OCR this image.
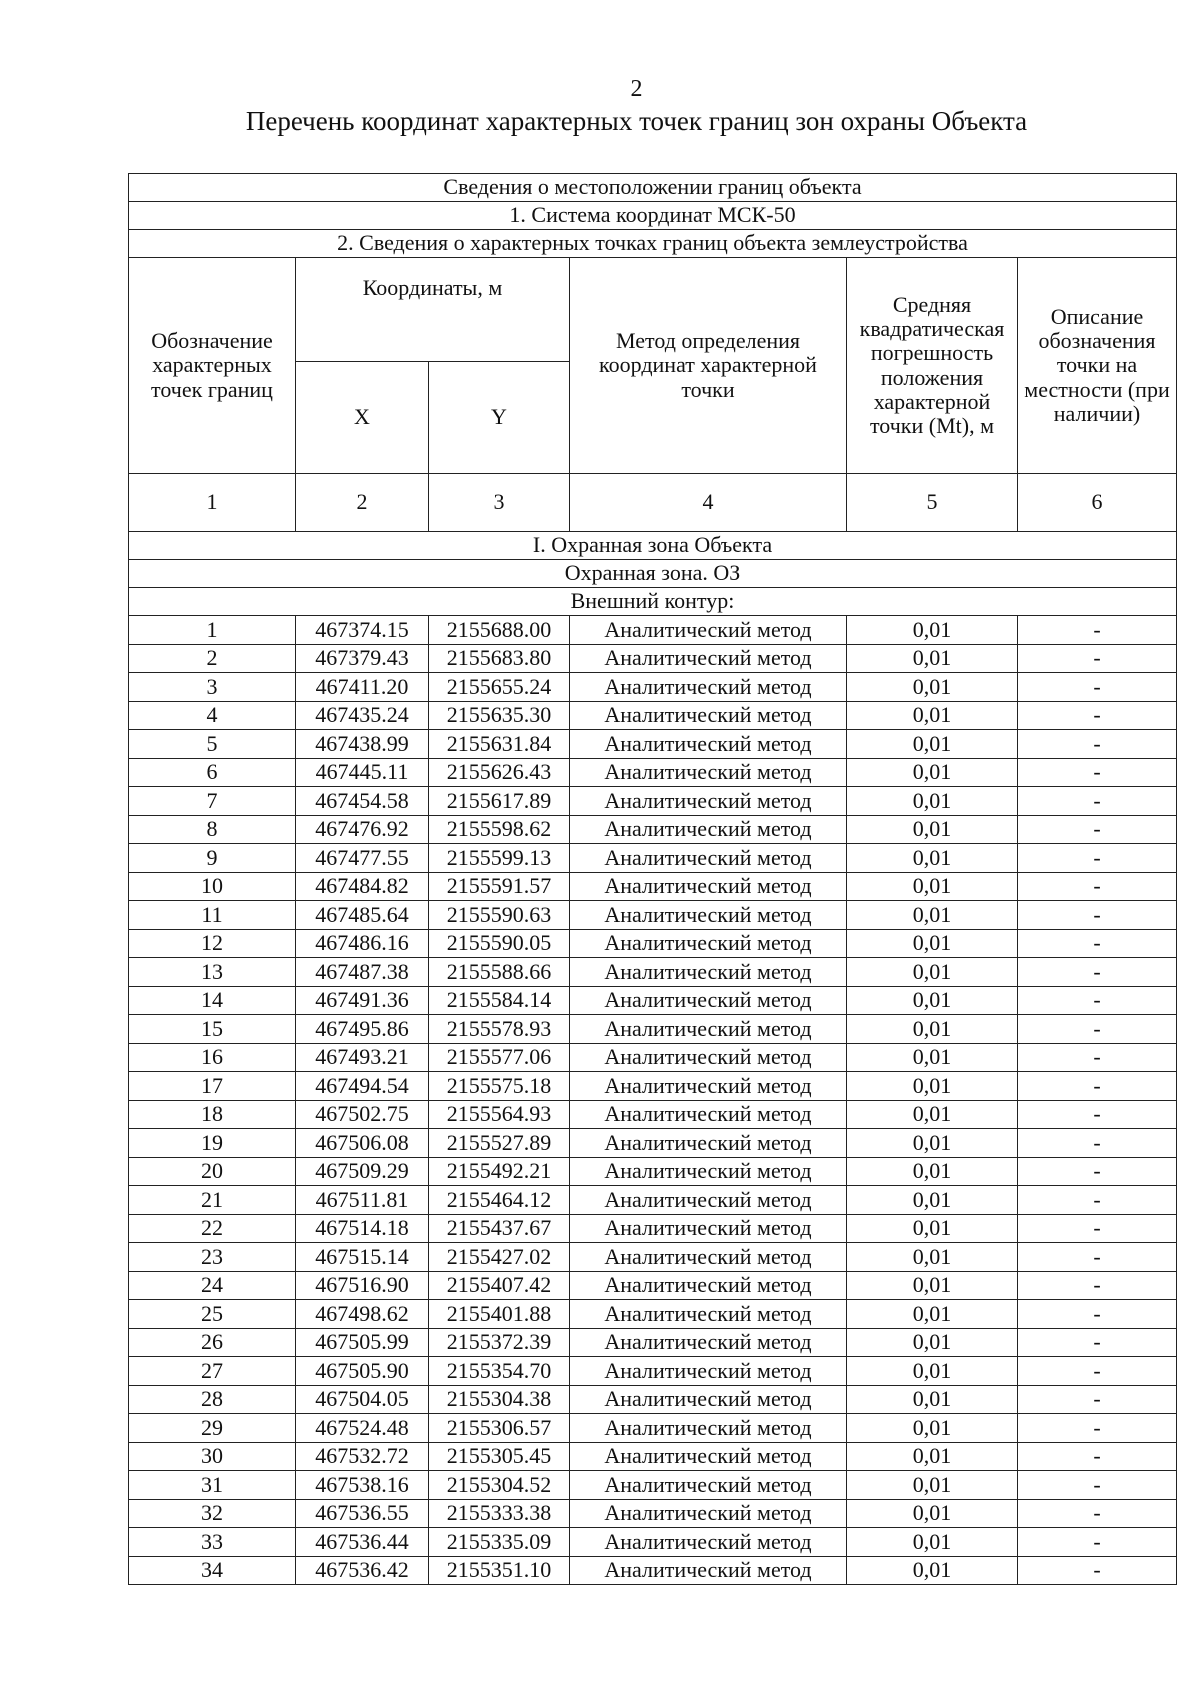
2
Перечень координат характерных точек границ зон охраны Объекта
Сведения о местоположении границ объекта					
1. Система координат МСК-50					
2. Сведения о характерных точках границ объекта землеустройства					
Обозначение характерных точек границ	Координаты, м		Метод определения координат характерной точки	Средняя квадратическая погрешность положения характерной точки (Mt), м	Описание обозначения точки на местности (при наличии)
	X	Y			
1	2	3	4	5	6
I. Охранная зона Объекта					
Охранная зона. ОЗ					
Внешний контур:					
1	467374.15	2155688.00	Аналитический метод	0,01	-
2	467379.43	2155683.80	Аналитический метод	0,01	-
3	467411.20	2155655.24	Аналитический метод	0,01	-
4	467435.24	2155635.30	Аналитический метод	0,01	-
5	467438.99	2155631.84	Аналитический метод	0,01	-
6	467445.11	2155626.43	Аналитический метод	0,01	-
7	467454.58	2155617.89	Аналитический метод	0,01	-
8	467476.92	2155598.62	Аналитический метод	0,01	-
9	467477.55	2155599.13	Аналитический метод	0,01	-
10	467484.82	2155591.57	Аналитический метод	0,01	-
11	467485.64	2155590.63	Аналитический метод	0,01	-
12	467486.16	2155590.05	Аналитический метод	0,01	-
13	467487.38	2155588.66	Аналитический метод	0,01	-
14	467491.36	2155584.14	Аналитический метод	0,01	-
15	467495.86	2155578.93	Аналитический метод	0,01	-
16	467493.21	2155577.06	Аналитический метод	0,01	-
17	467494.54	2155575.18	Аналитический метод	0,01	-
18	467502.75	2155564.93	Аналитический метод	0,01	-
19	467506.08	2155527.89	Аналитический метод	0,01	-
20	467509.29	2155492.21	Аналитический метод	0,01	-
21	467511.81	2155464.12	Аналитический метод	0,01	-
22	467514.18	2155437.67	Аналитический метод	0,01	-
23	467515.14	2155427.02	Аналитический метод	0,01	-
24	467516.90	2155407.42	Аналитический метод	0,01	-
25	467498.62	2155401.88	Аналитический метод	0,01	-
26	467505.99	2155372.39	Аналитический метод	0,01	-
27	467505.90	2155354.70	Аналитический метод	0,01	-
28	467504.05	2155304.38	Аналитический метод	0,01	-
29	467524.48	2155306.57	Аналитический метод	0,01	-
30	467532.72	2155305.45	Аналитический метод	0,01	-
31	467538.16	2155304.52	Аналитический метод	0,01	-
32	467536.55	2155333.38	Аналитический метод	0,01	-
33	467536.44	2155335.09	Аналитический метод	0,01	-
34	467536.42	2155351.10	Аналитический метод	0,01	-
